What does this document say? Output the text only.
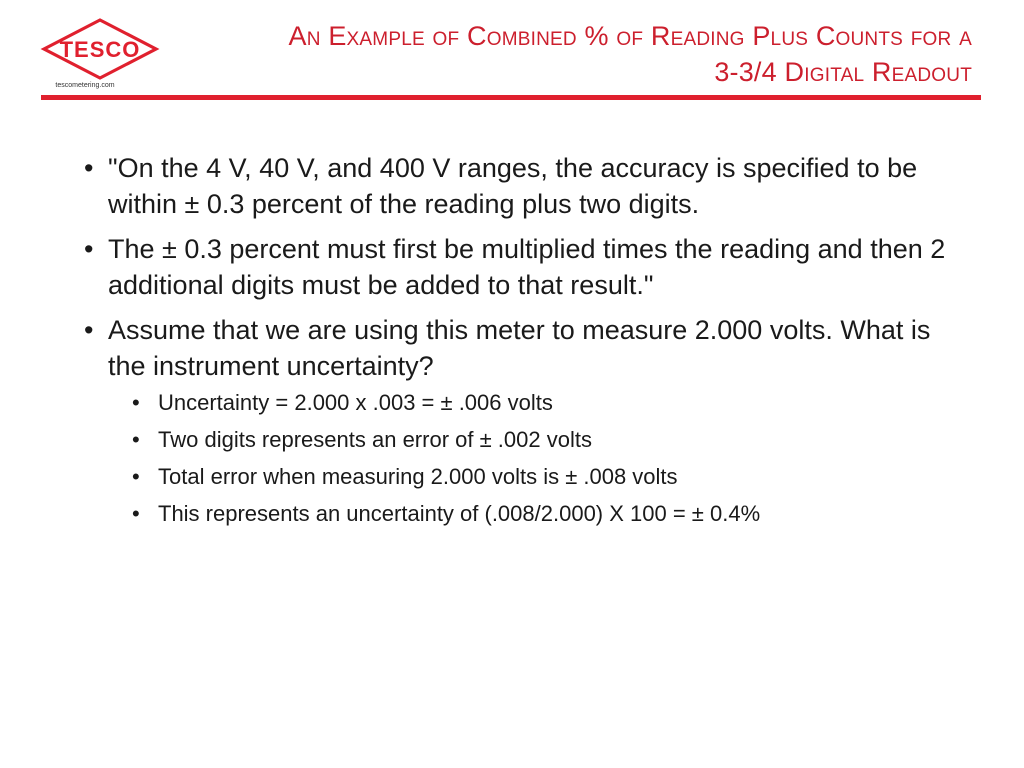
TESCO
tescometering.com
An Example of Combined % of Reading Plus Counts for a
3-3/4 Digital Readout
• "On the 4 V, 40 V, and 400 V ranges, the accuracy is specified to be within ± 0.3 percent of the reading plus two digits.
• The ± 0.3 percent must first be multiplied times the reading and then 2 additional digits must be added to that result."
• Assume that we are using this meter to measure 2.000 volts. What is the instrument uncertainty?
• Uncertainty = 2.000 x .003 = ± .006 volts
• Two digits represents an error of ± .002 volts
• Total error when measuring 2.000 volts is ± .008 volts
• This represents an uncertainty of (.008/2.000) X 100 = ± 0.4%
